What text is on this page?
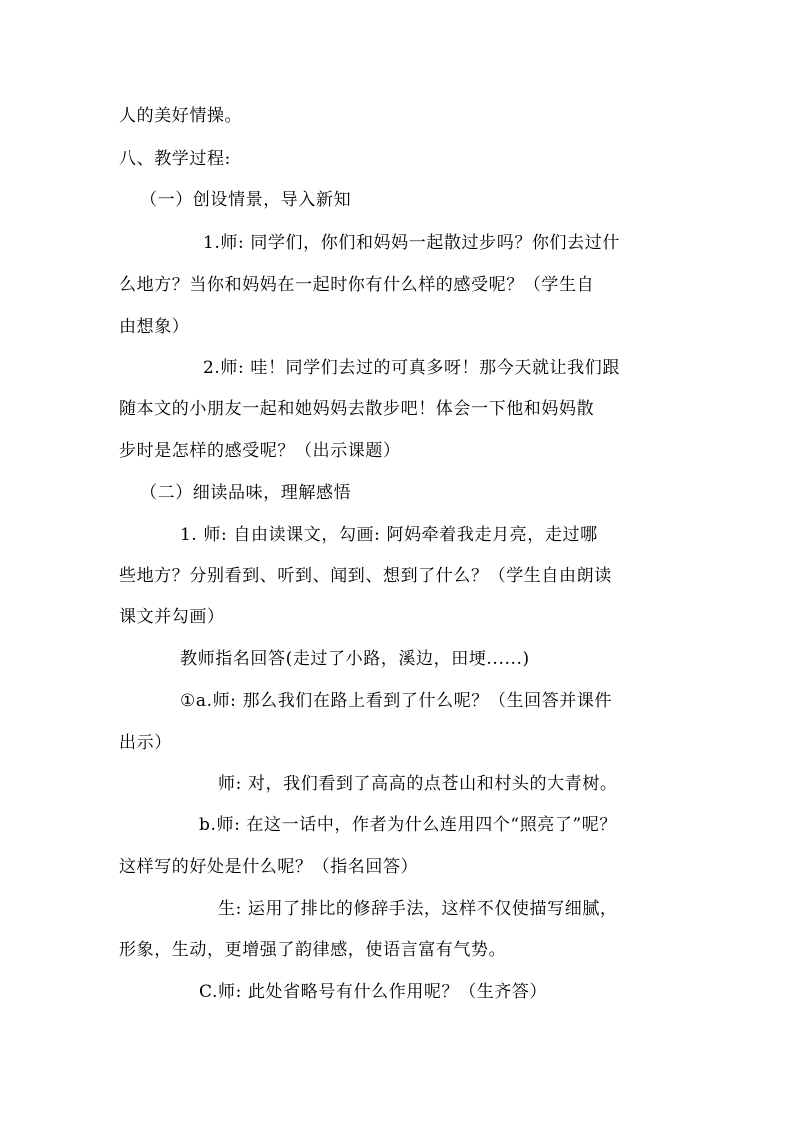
人的美好情操。
八、教学过程:
（一）创设情景，导入新知
1.师: 同学们，你们和妈妈一起散过步吗？你们去过什
么地方？当你和妈妈在一起时你有什么样的感受呢？（学生自
由想象）
2.师: 哇！同学们去过的可真多呀！那今天就让我们跟
随本文的小朋友一起和她妈妈去散步吧！体会一下他和妈妈散
步时是怎样的感受呢？（出示课题）
（二）细读品味，理解感悟
1. 师: 自由读课文，勾画: 阿妈牵着我走月亮，走过哪
些地方？分别看到、听到、闻到、想到了什么？（学生自由朗读
课文并勾画）
教师指名回答(走过了小路，溪边，田埂......)
①a.师: 那么我们在路上看到了什么呢？（生回答并课件
出示）
师: 对，我们看到了高高的点苍山和村头的大青树。
b.师: 在这一话中，作者为什么连用四个“照亮了”呢？
这样写的好处是什么呢？（指名回答）
生: 运用了排比的修辞手法，这样不仅使描写细腻，
形象，生动，更增强了韵律感，使语言富有气势。
C.师: 此处省略号有什么作用呢？（生齐答）
